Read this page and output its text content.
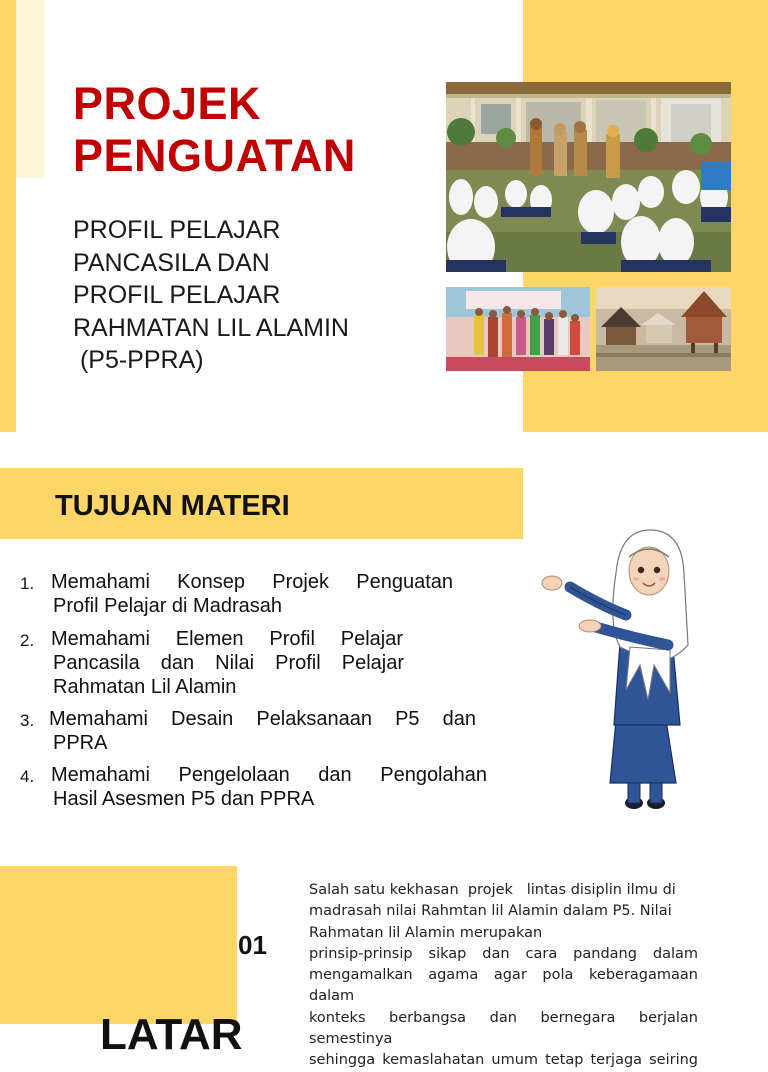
PROJEK
PENGUATAN
PROFIL PELAJAR
PANCASILA DAN
PROFIL PELAJAR
RAHMATAN LIL ALAMIN
(P5-PPRA)
TUJUAN MATERI
1. Memahami Konsep Projek Penguatan
Profil Pelajar di Madrasah
2. Memahami Elemen Profil Pelajar
Pancasila dan Nilai Profil Pelajar
Rahmatan Lil Alamin
3. Memahami Desain Pelaksanaan P5 dan
PPRA
4. Memahami Pengelolaan dan Pengolahan
Hasil Asesmen P5 dan PPRA
01
LATAR
Salah satu kekhasan  projek   lintas disiplin ilmu di
madrasah nilai Rahmtan lil Alamin dalam P5. Nilai
Rahmatan lil Alamin merupakan
prinsip-prinsip sikap dan cara pandang dalam
mengamalkan agama agar pola keberagamaan dalam
konteks berbangsa dan bernegara berjalan semestinya
sehingga kemaslahatan umum tetap terjaga seiring
